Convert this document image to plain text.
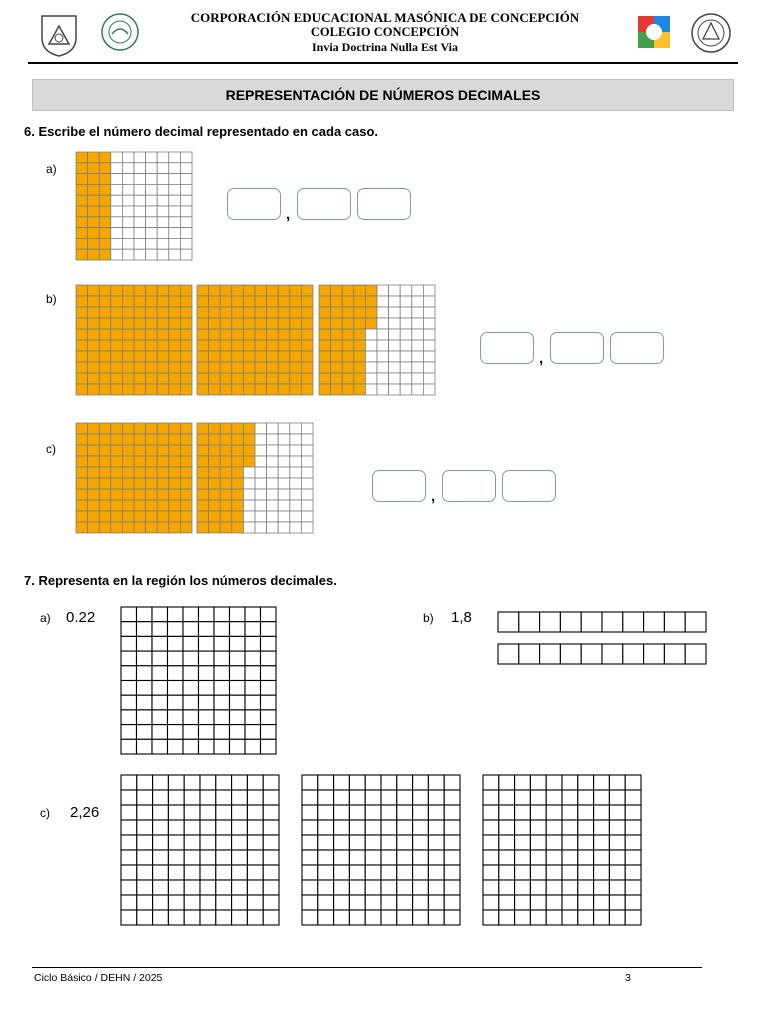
CORPORACIÓN EDUCACIONAL MASÓNICA DE CONCEPCIÓN
COLEGIO CONCEPCIÓN
Invia Doctrina Nulla Est Via
REPRESENTACIÓN DE NÚMEROS DECIMALES
6. Escribe el número decimal representado en cada caso.
a)
,
b)
,
c)
,
7. Representa en la región los números decimales.
a) 0.22	b) 1,8
c) 2,26
Ciclo Básico / DEHN / 2025	3
